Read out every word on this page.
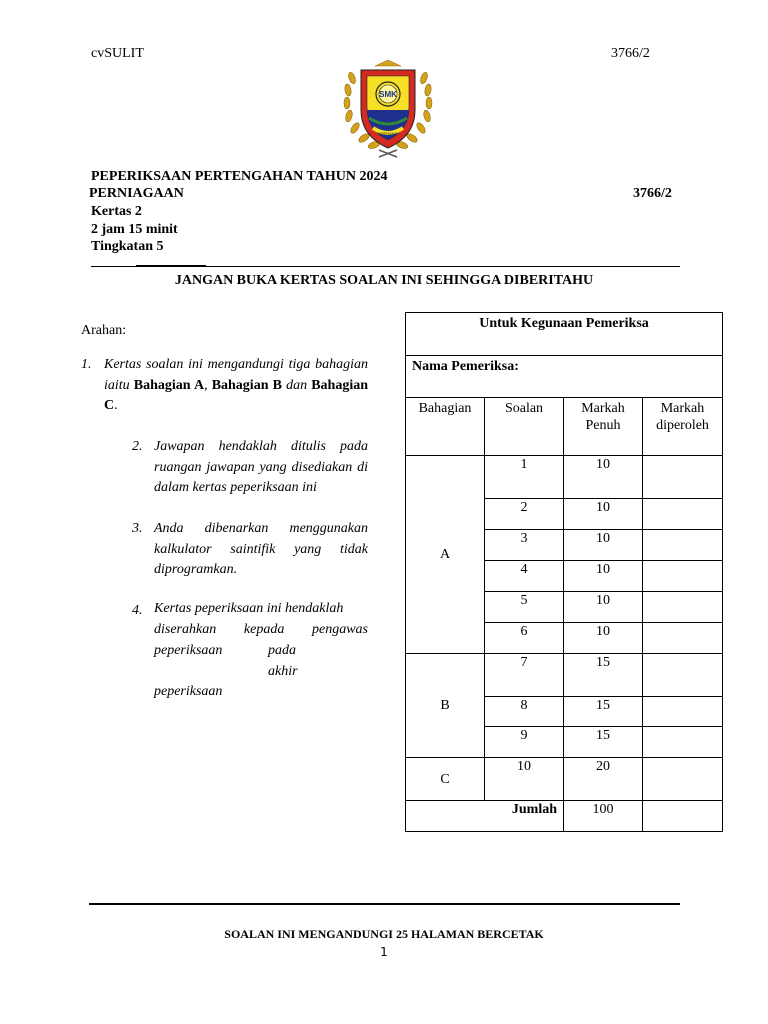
cvSULIT	3766/2
SMK
SPERANG
PEPERIKSAAN PERTENGAHAN TAHUN 2024
PERNIAGAAN	3766/2
Kertas 2
2 jam 15 minit
Tingkatan 5
JANGAN BUKA KERTAS SOALAN INI SEHINGGA DIBERITAHU
Arahan:
1. Kertas soalan ini mengandungi tiga bahagian iaitu Bahagian A, Bahagian B dan Bahagian C.
2. Jawapan hendaklah ditulis pada ruangan jawapan yang disediakan di dalam kertas peperiksaan ini
3. Anda dibenarkan menggunakan kalkulator saintifik yang tidak diprogramkan.
4. Kertas peperiksaan ini hendaklah
diserahkan kepada pengawas
peperiksaan	pada
akhir
peperiksaan
Untuk Kegunaan Pemeriksa			
Nama Pemeriksa:			
Bahagian	Soalan	Markah Penuh	Markah diperoleh
A	1	10	
	2	10	
	3	10	
	4	10	
	5	10	
	6	10	
B	7	15	
	8	15	
	9	15	
C	10	20	
Jumlah		100	
SOALAN INI MENGANDUNGI 25 HALAMAN BERCETAK
1
